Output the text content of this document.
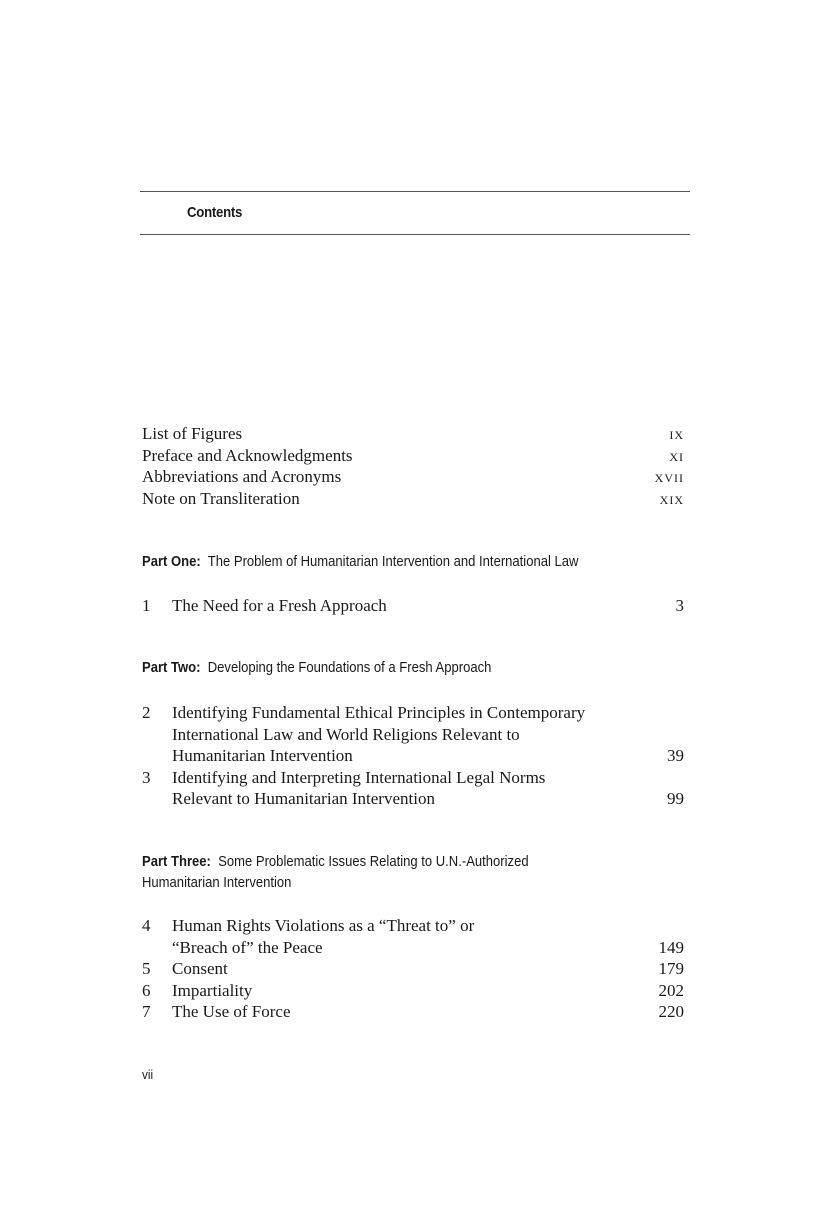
Contents
List of Figures	ix
Preface and Acknowledgments	xi
Abbreviations and Acronyms	xvii
Note on Transliteration	xix
Part One: The Problem of Humanitarian Intervention and International Law
1	The Need for a Fresh Approach	3
Part Two: Developing the Foundations of a Fresh Approach
2	Identifying Fundamental Ethical Principles in Contemporary
International Law and World Religions Relevant to
Humanitarian Intervention	39
3	Identifying and Interpreting International Legal Norms
Relevant to Humanitarian Intervention	99
Part Three: Some Problematic Issues Relating to U.N.-Authorized
Humanitarian Intervention
4	Human Rights Violations as a “Threat to” or
“Breach of” the Peace	149
5	Consent	179
6	Impartiality	202
7	The Use of Force	220
vii
